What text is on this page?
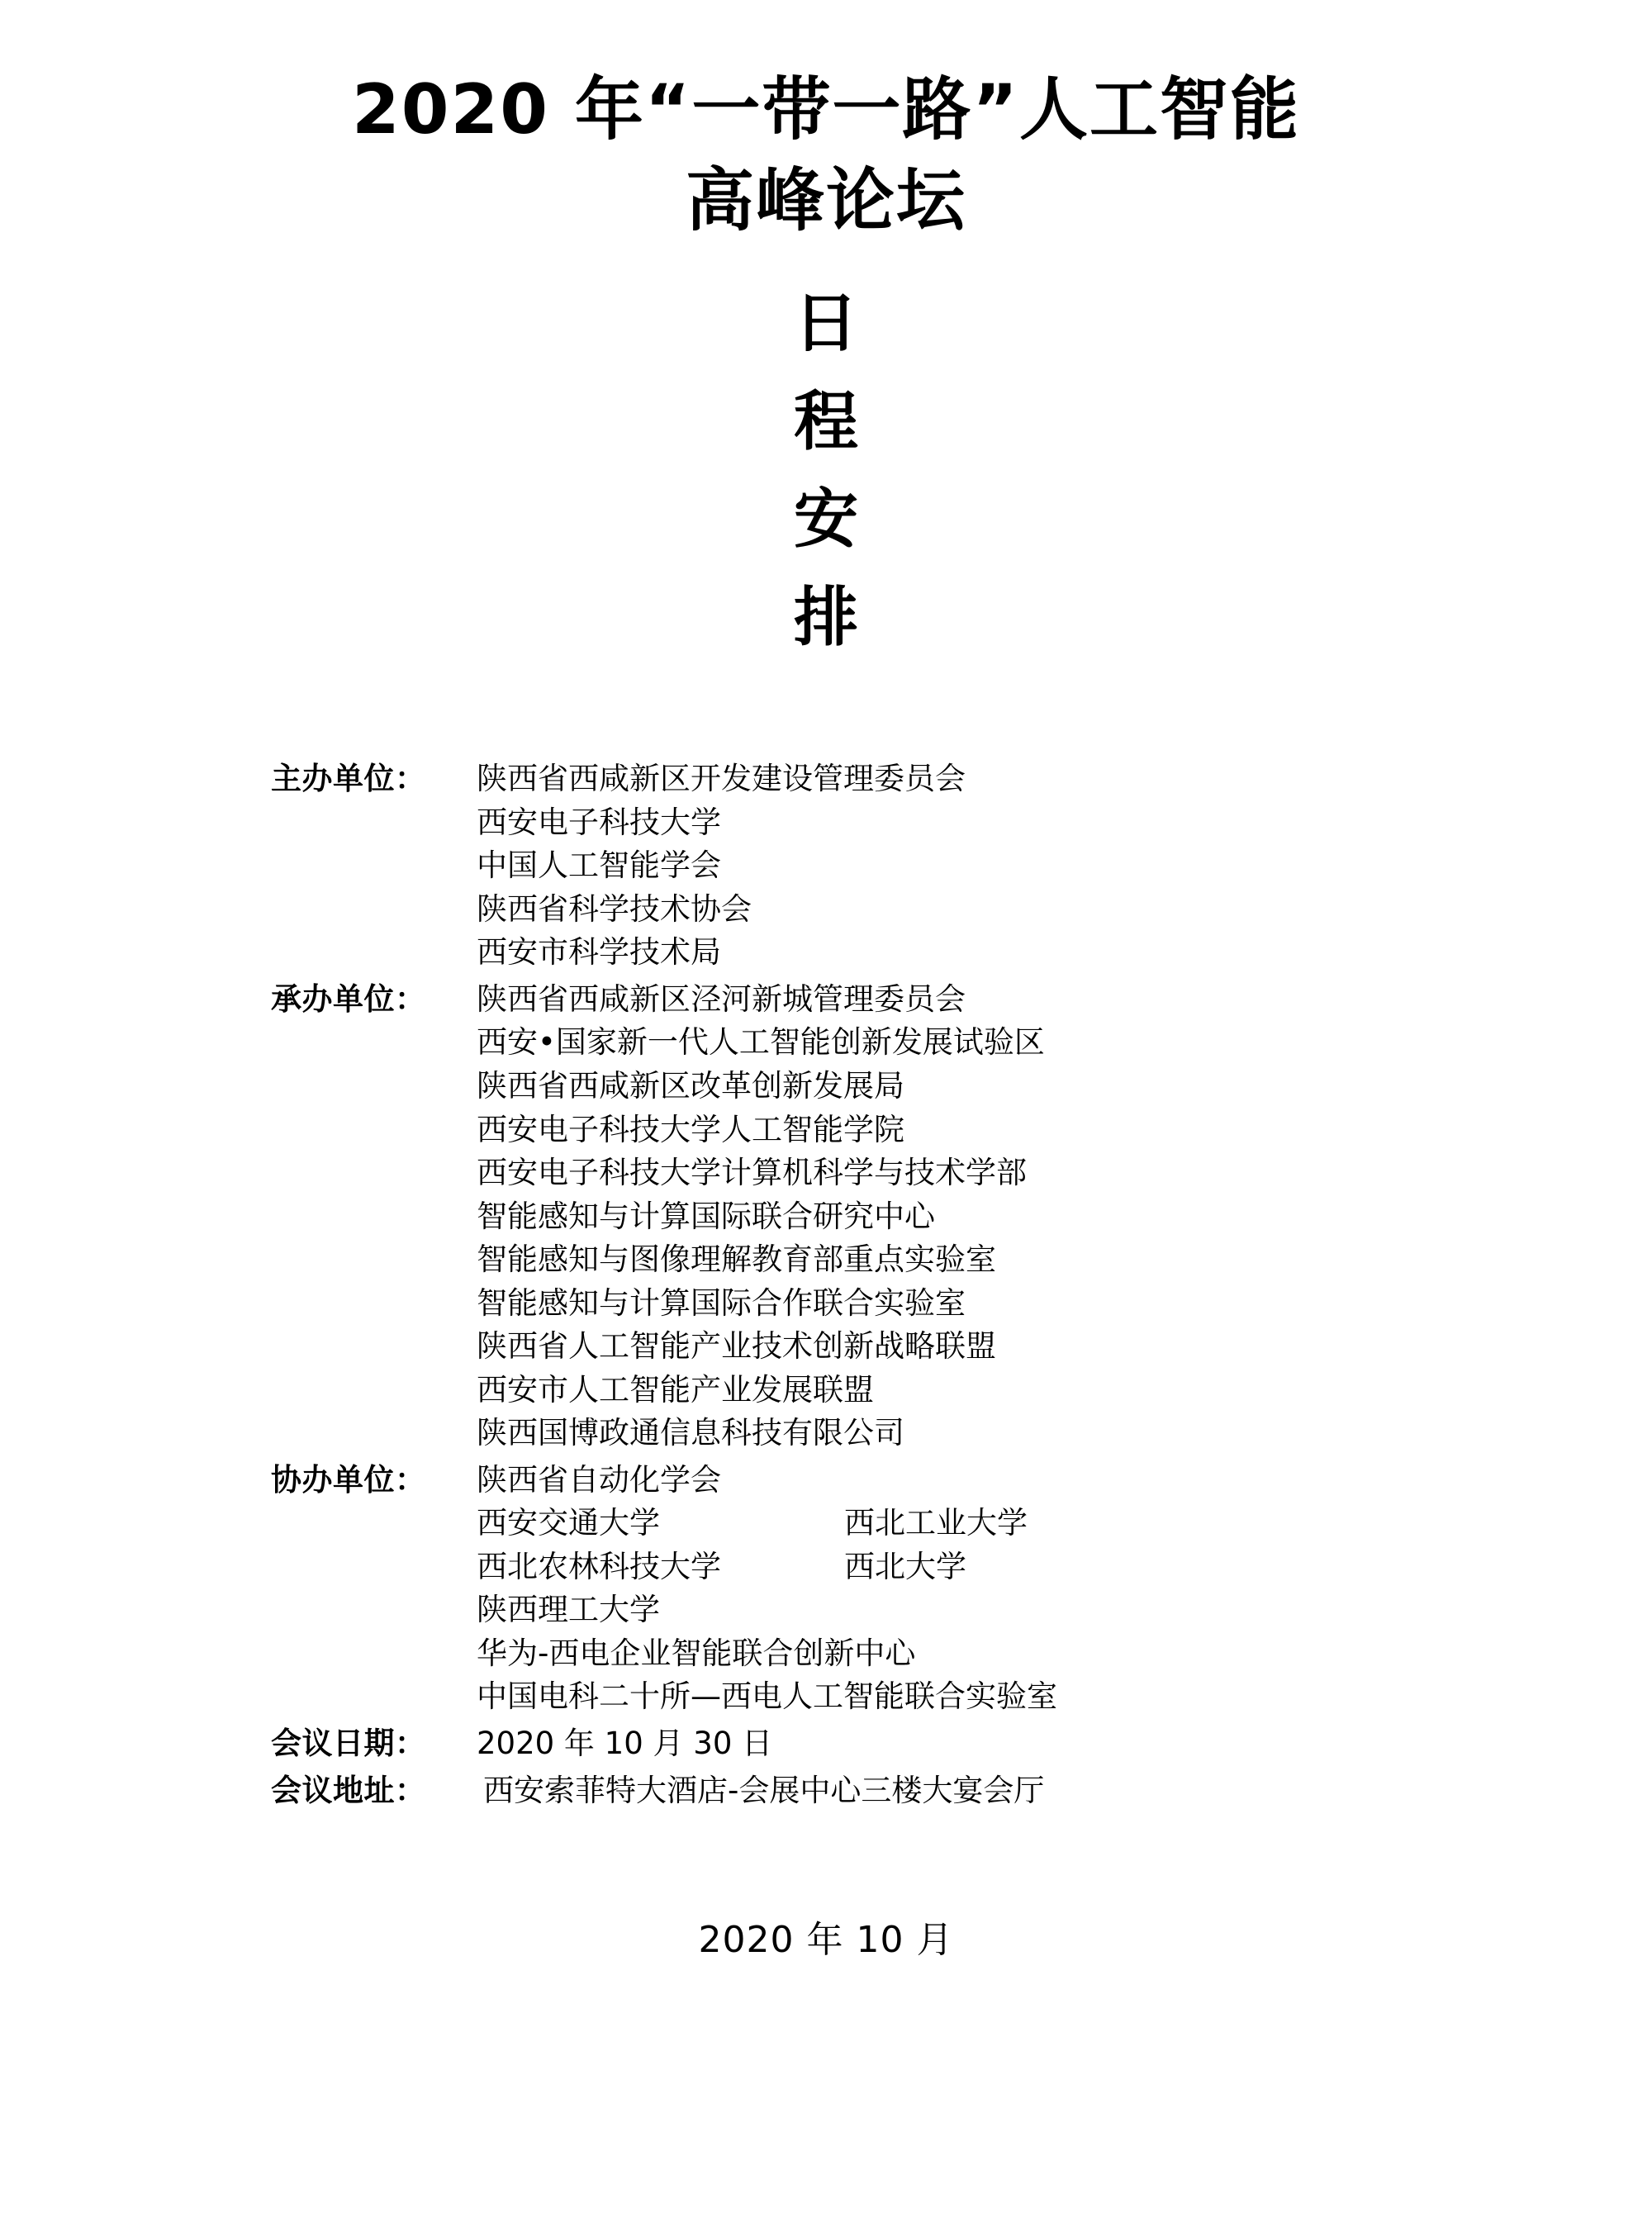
2020 年“一带一路”人工智能
高峰论坛
日
程
安
排
主办单位：	陕西省西咸新区开发建设管理委员会
西安电子科技大学
中国人工智能学会
陕西省科学技术协会
西安市科学技术局
承办单位：	陕西省西咸新区泾河新城管理委员会
西安•国家新一代人工智能创新发展试验区
陕西省西咸新区改革创新发展局
西安电子科技大学人工智能学院
西安电子科技大学计算机科学与技术学部
智能感知与计算国际联合研究中心
智能感知与图像理解教育部重点实验室
智能感知与计算国际合作联合实验室
陕西省人工智能产业技术创新战略联盟
西安市人工智能产业发展联盟
陕西国博政通信息科技有限公司
协办单位：	陕西省自动化学会
西安交通大学	西北工业大学
西北农林科技大学	西北大学
陕西理工大学
华为-西电企业智能联合创新中心
中国电科二十所—西电人工智能联合实验室
会议日期：	2020 年 10 月 30 日
会议地址：	西安索菲特大酒店-会展中心三楼大宴会厅
2020 年 10 月
